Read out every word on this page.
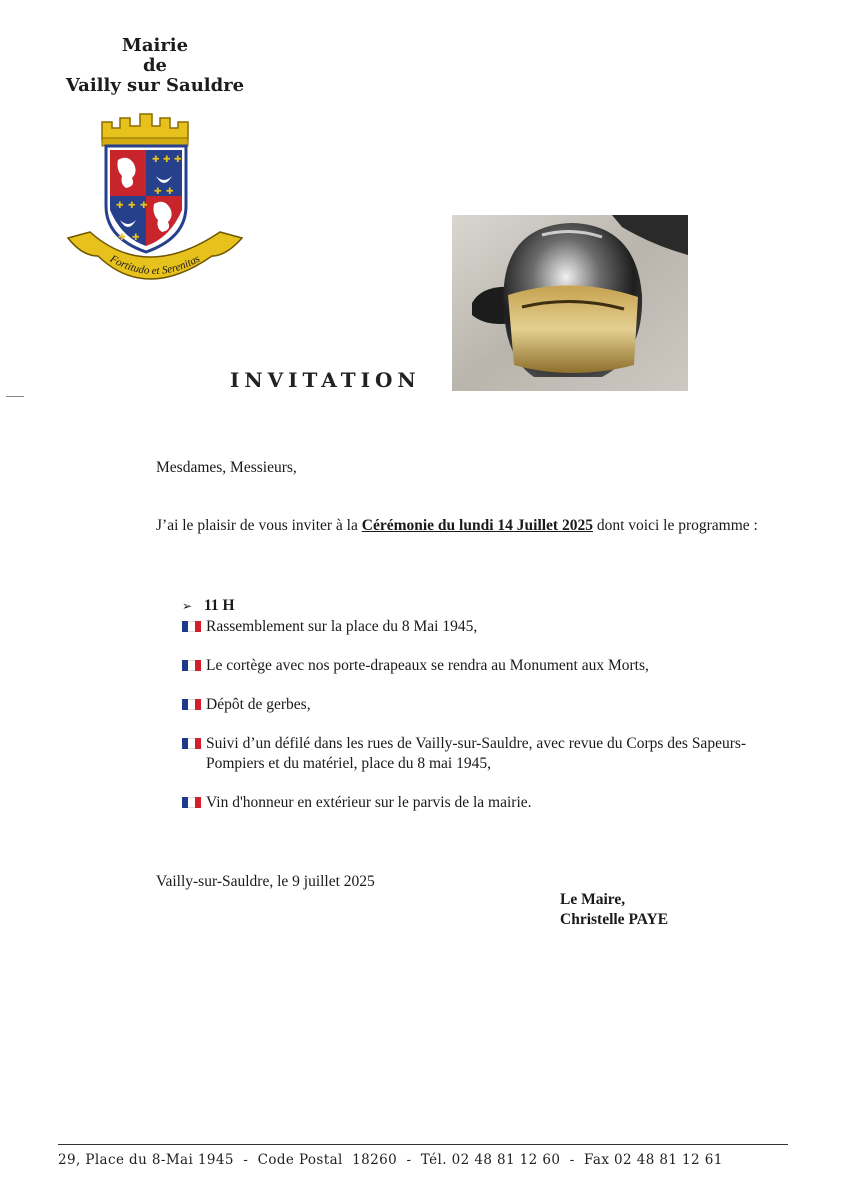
Mairie
de
Vailly sur Sauldre
✚ ✚ ✚
✚ ✚
✚ ✚ ✚
✚ ✚
Fortitudo et Serenitas
INVITATION
Mesdames, Messieurs,
J’ai le plaisir de vous inviter à la Cérémonie du lundi 14 Juillet 2025 dont voici le programme :
➢ 11 H
Rassemblement sur la place du 8 Mai 1945,
Le cortège avec nos porte-drapeaux se rendra au Monument aux Morts,
Dépôt de gerbes,
Suivi d’un défilé dans les rues de Vailly-sur-Sauldre, avec revue du Corps des Sapeurs-Pompiers et du matériel, place du 8 mai 1945,
Vin d'honneur en extérieur sur le parvis de la mairie.
Vailly-sur-Sauldre, le 9 juillet 2025
Le Maire,
Christelle PAYE
29, Place du 8-Mai 1945  -  Code Postal  18260  -  Tél. 02 48 81 12 60  -  Fax 02 48 81 12 61
